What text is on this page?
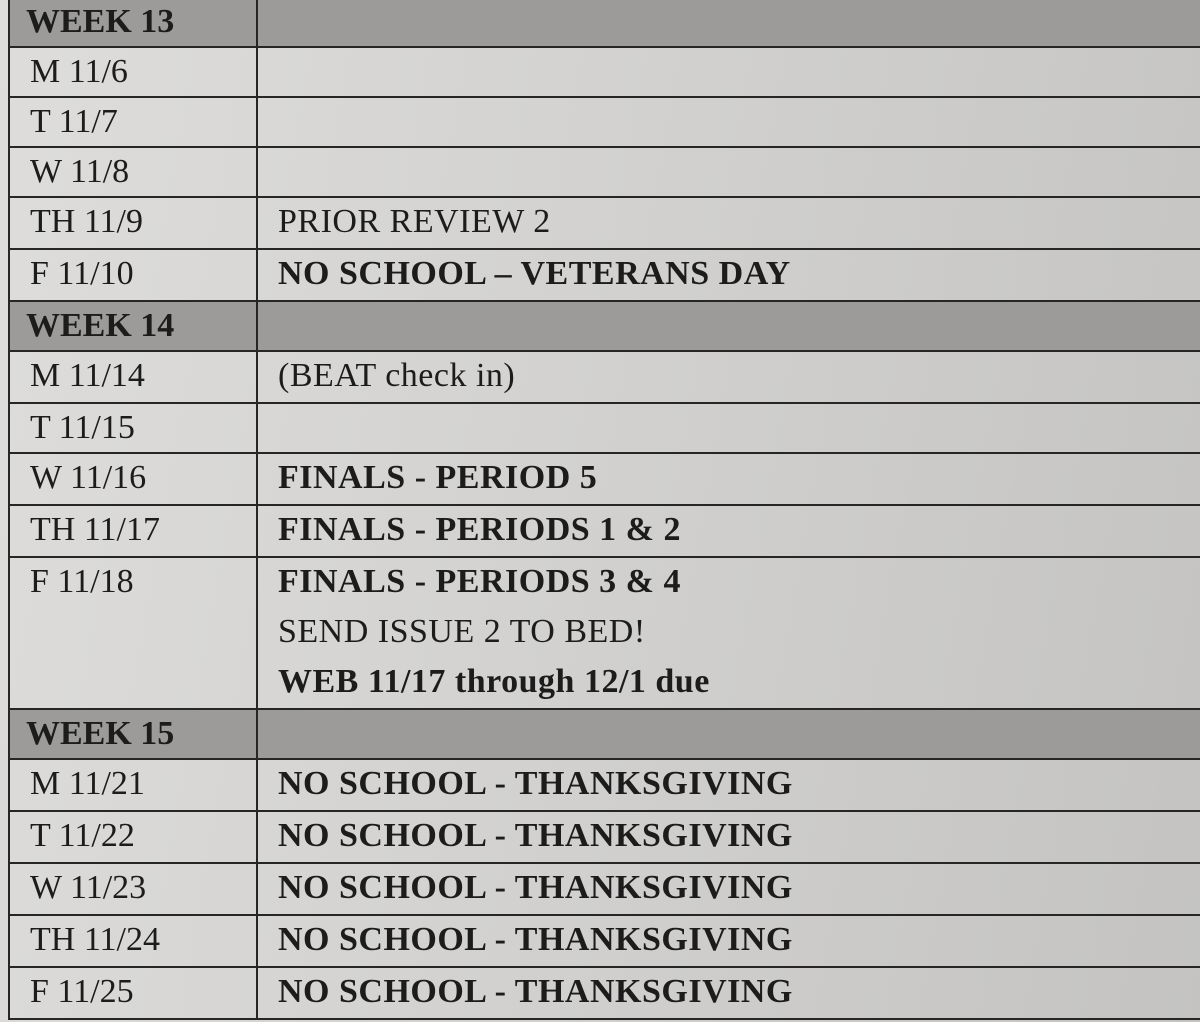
WEEK 13	
M 11/6	
T 11/7	
W 11/8	
TH 11/9	PRIOR REVIEW 2

F 11/10	NO SCHOOL – VETERANS DAY

WEEK 14	
M 11/14	(BEAT check in)

T 11/15	
W 11/16	FINALS - PERIOD 5

TH 11/17	FINALS - PERIODS 1 & 2

F 11/18	FINALS - PERIODS 3 & 4
SEND ISSUE 2 TO BED!
WEB 11/17 through 12/1 due

WEEK 15	
M 11/21	NO SCHOOL - THANKSGIVING

T 11/22	NO SCHOOL - THANKSGIVING

W 11/23	NO SCHOOL - THANKSGIVING

TH 11/24	NO SCHOOL - THANKSGIVING

F 11/25	NO SCHOOL - THANKSGIVING
